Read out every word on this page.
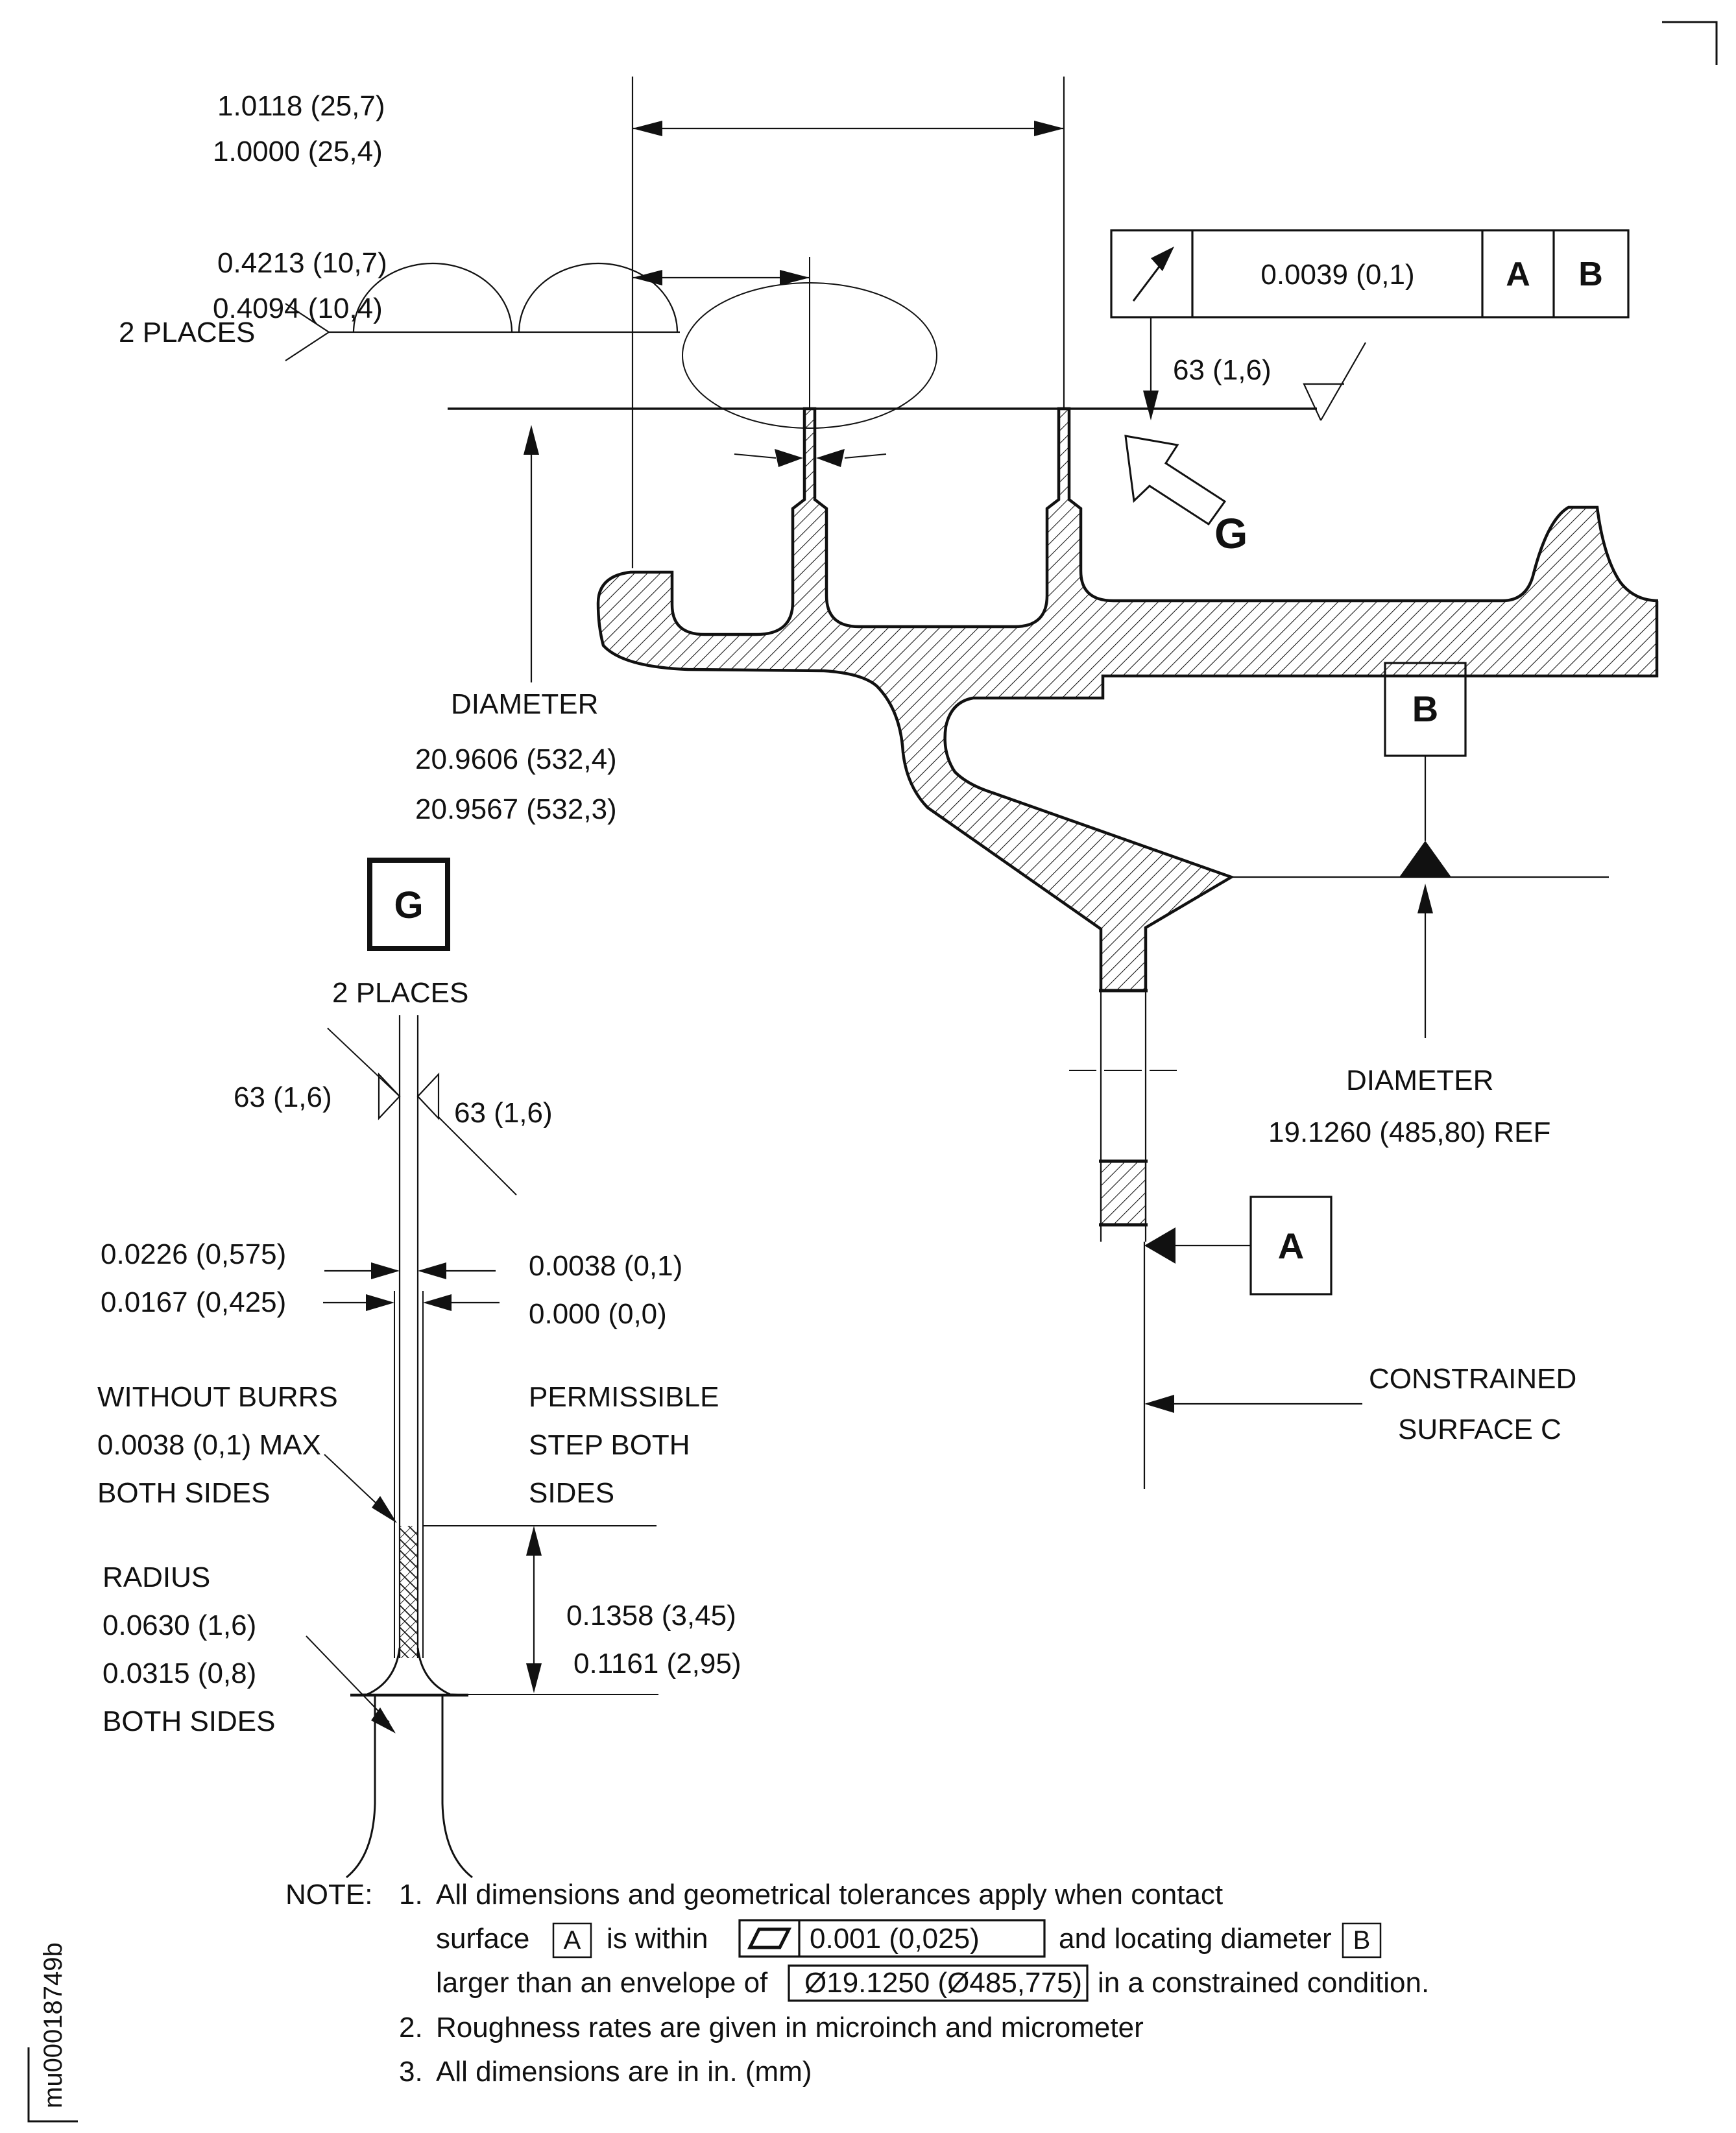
1.0118 (25,7)
1.0000 (25,4)
0.4213 (10,7)
0.4094 (10,4)
2 PLACES
0.0039 (0,1)	A B
63 (1,6)
G
DIAMETER
20.9606 (532,4)
20.9567 (532,3)
B
G
2 PLACES
63 (1,6)	63 (1,6)
0.0226 (0,575)
0.0167 (0,425)
0.0038 (0,1)
0.000 (0,0)
PERMISSIBLE
STEP BOTH
SIDES
WITHOUT BURRS
0.0038 (0,1) MAX
BOTH SIDES
RADIUS
0.0630 (1,6)
0.0315 (0,8)
BOTH SIDES
0.1358 (3,45)
0.1161 (2,95)
DIAMETER
19.1260 (485,80) REF
A
CONSTRAINED
SURFACE C
NOTE: 1. All dimensions and geometrical tolerances apply when contact
surface A is within	0.001 (0,025)	and locating diameter B
larger than an envelope of Ø19.1250 (Ø485,775) in a constrained condition.
2. Roughness rates are given in microinch and micrometer
3. All dimensions are in in. (mm)
mu00018749b
